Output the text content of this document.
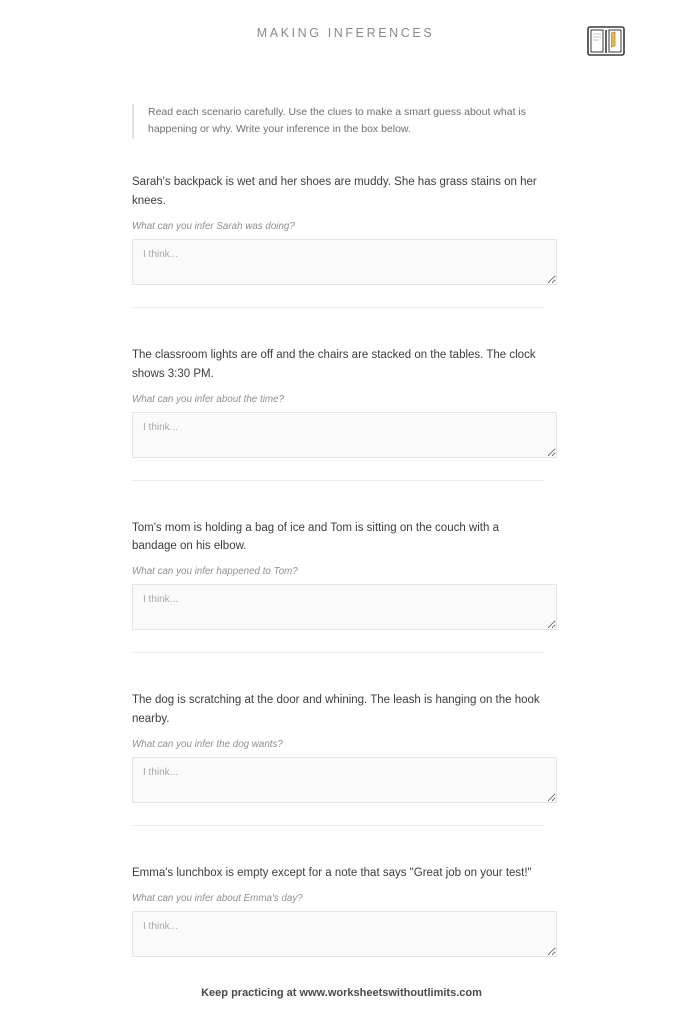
MAKING INFERENCES

Read each scenario carefully. Use the clues to make a smart guess about what is happening or why. Write your inference in the box below.

Sarah's backpack is wet and her shoes are muddy. She has grass stains on her knees.

What can you infer Sarah was doing?

I think...

The classroom lights are off and the chairs are stacked on the tables. The clock shows 3:30 PM.

What can you infer about the time?

I think...

Tom's mom is holding a bag of ice and Tom is sitting on the couch with a bandage on his elbow.

What can you infer happened to Tom?

I think...

The dog is scratching at the door and whining. The leash is hanging on the hook nearby.

What can you infer the dog wants?

I think...

Emma's lunchbox is empty except for a note that says "Great job on your test!"

What can you infer about Emma's day?

I think...
Keep practicing at www.worksheetswithoutlimits.com
